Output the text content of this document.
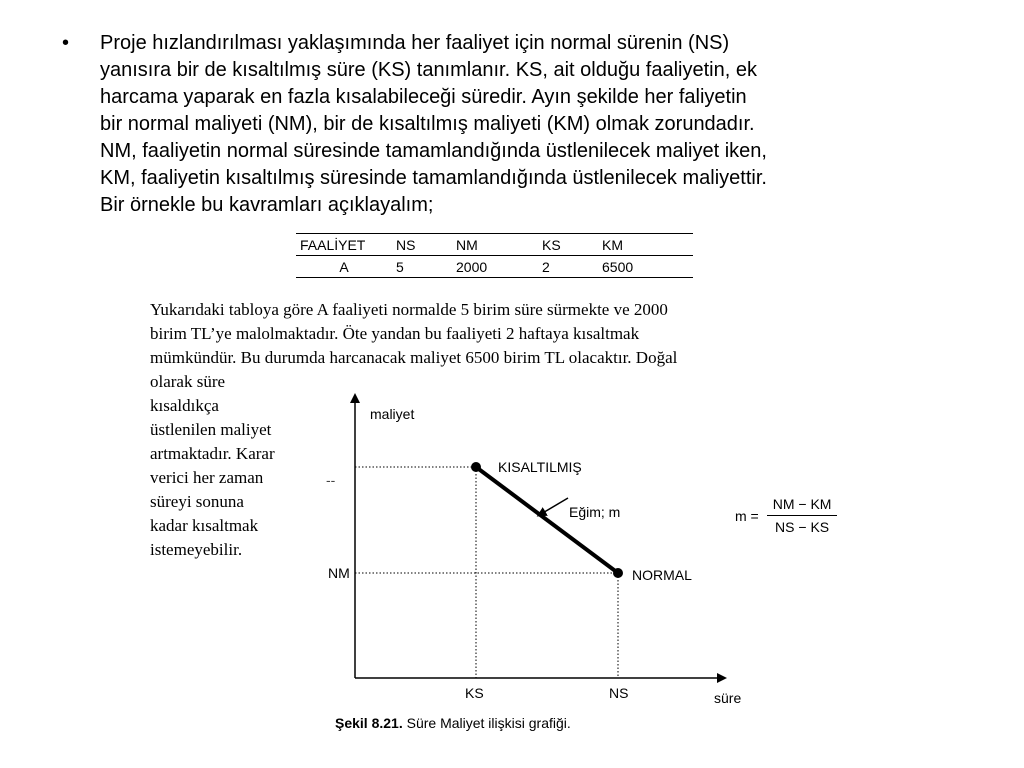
•	Proje hızlandırılması yaklaşımında her faaliyet için normal sürenin (NS)
yanısıra bir de kısaltılmış süre (KS) tanımlanır. KS, ait olduğu faaliyetin, ek
harcama yaparak en fazla kısalabileceği süredir. Ayın şekilde her faliyetin
bir normal maliyeti (NM), bir de kısaltılmış maliyeti (KM) olmak zorundadır.
NM, faaliyetin normal süresinde tamamlandığında üstlenilecek maliyet iken,
KM, faaliyetin kısaltılmış süresinde tamamlandığında üstlenilecek maliyettir.
Bir örnekle bu kavramları açıklayalım;
FAALİYET	NS	NM	KS	KM
A	5	2000	2	6500
Yukarıdaki tabloya göre A faaliyeti normalde 5 birim süre sürmekte ve 2000
birim TL’ye malolmaktadır. Öte yandan bu faaliyeti 2 haftaya kısaltmak
mümkündür. Bu durumda harcanacak maliyet 6500 birim TL olacaktır. Doğal
olarak süre
kısaldıkça
üstlenilen maliyet
artmaktadır. Karar
verici her zaman
süreyi sonuna
kadar kısaltmak
istemeyebilir.
maliyet
süre
--
NM
KS	NS
KISALTILMIŞ
NORMAL
Eğim; m	$m = \frac{NM - KM}{NS - KS}$
Şekil 8.21. Süre Maliyet ilişkisi grafiği.
